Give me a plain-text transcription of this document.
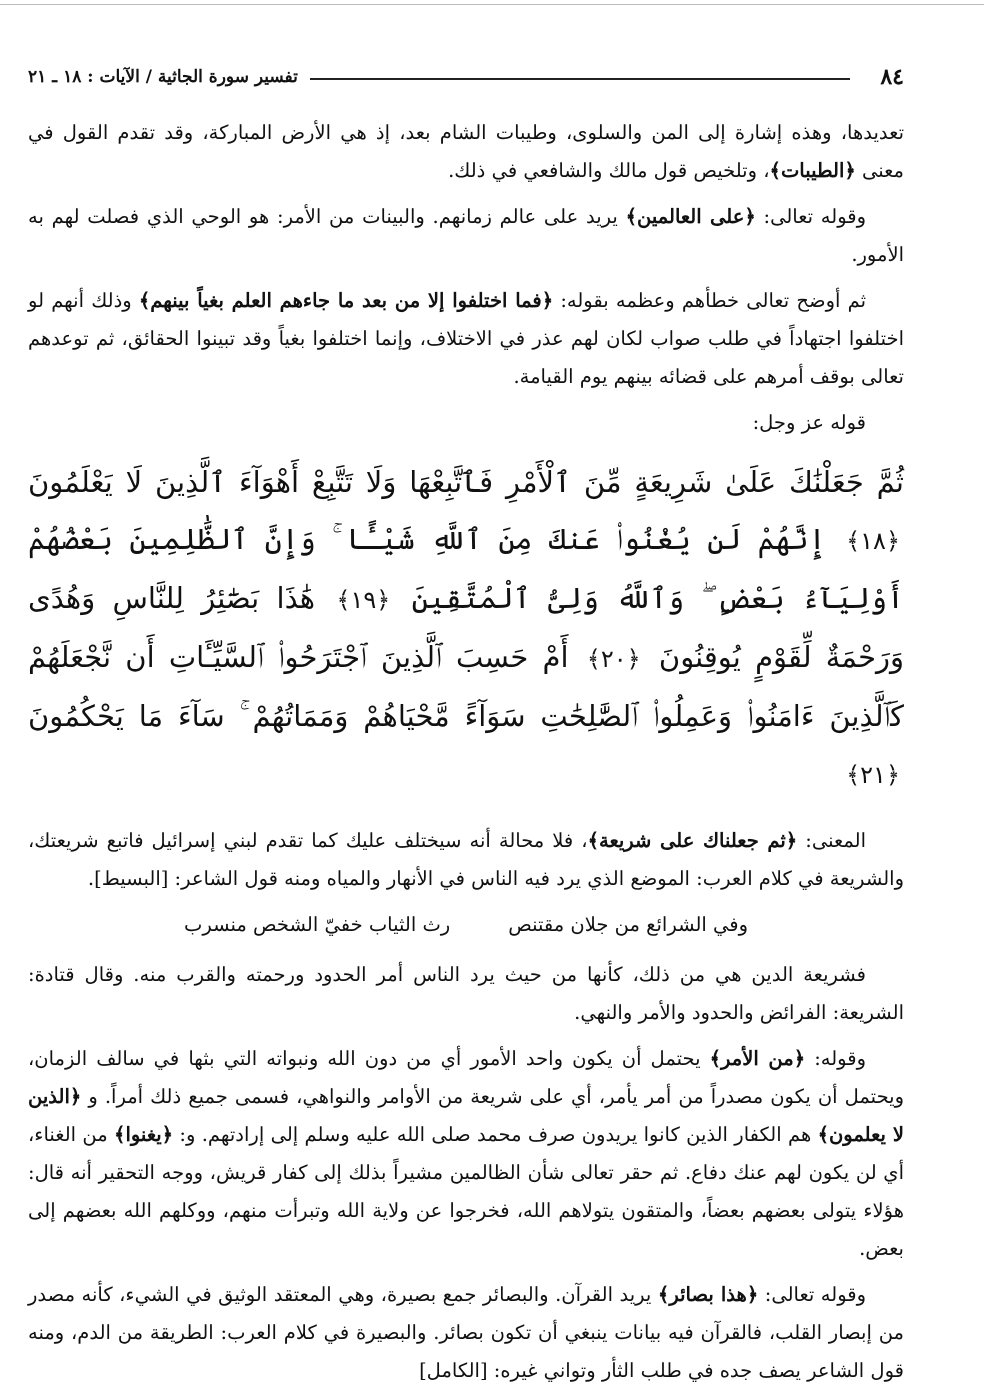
٨٤
تفسير سورة الجاثية / الآيات : ١٨ ـ ٢١

تعديدها، وهذه إشارة إلى المن والسلوى، وطيبات الشام بعد، إذ هي الأرض المباركة، وقد تقدم القول في معنى ﴿الطيبات﴾، وتلخيص قول مالك والشافعي في ذلك.

وقوله تعالى: ﴿على العالمين﴾ يريد على عالم زمانهم. والبينات من الأمر: هو الوحي الذي فصلت لهم به الأمور.

ثم أوضح تعالى خطأهم وعظمه بقوله: ﴿فما اختلفوا إلا من بعد ما جاءهم العلم بغياً بينهم﴾ وذلك أنهم لو اختلفوا اجتهاداً في طلب صواب لكان لهم عذر في الاختلاف، وإنما اختلفوا بغياً وقد تبينوا الحقائق، ثم توعدهم تعالى بوقف أمرهم على قضائه بينهم يوم القيامة.

قوله عز وجل:

ثُمَّ جَعَلْنَٰكَ عَلَىٰ شَرِيعَةٍ مِّنَ ٱلْأَمْرِ فَٱتَّبِعْهَا وَلَا تَتَّبِعْ أَهْوَآءَ ٱلَّذِينَ لَا يَعْلَمُونَ ﴿١٨﴾ إِنَّهُمْ لَن يُغْنُوا۟ عَنكَ مِنَ ٱللَّهِ شَيْـًٔا ۚ وَإِنَّ ٱلظَّٰلِمِينَ بَعْضُهُمْ أَوْلِيَآءُ بَعْضٍ ۖ وَٱللَّهُ وَلِىُّ ٱلْمُتَّقِينَ ﴿١٩﴾ هَٰذَا بَصَٰٓئِرُ لِلنَّاسِ وَهُدًى وَرَحْمَةٌ لِّقَوْمٍ يُوقِنُونَ ﴿٢٠﴾ أَمْ حَسِبَ ٱلَّذِينَ ٱجْتَرَحُوا۟ ٱلسَّيِّـَٔاتِ أَن نَّجْعَلَهُمْ كَٱلَّذِينَ ءَامَنُوا۟ وَعَمِلُوا۟ ٱلصَّٰلِحَٰتِ سَوَآءً مَّحْيَاهُمْ وَمَمَاتُهُمْ ۚ سَآءَ مَا يَحْكُمُونَ ﴿٢١﴾

المعنى: ﴿ثم جعلناك على شريعة﴾، فلا محالة أنه سيختلف عليك كما تقدم لبني إسرائيل فاتبع شريعتك، والشريعة في كلام العرب: الموضع الذي يرد فيه الناس في الأنهار والمياه ومنه قول الشاعر: [البسيط].

وفي الشرائع من جلان مقتنص
رث الثياب خفيّ الشخص منسرب

فشريعة الدين هي من ذلك، كأنها من حيث يرد الناس أمر الحدود ورحمته والقرب منه. وقال قتادة: الشريعة: الفرائض والحدود والأمر والنهي.

وقوله: ﴿من الأمر﴾ يحتمل أن يكون واحد الأمور أي من دون الله ونبواته التي بثها في سالف الزمان، ويحتمل أن يكون مصدراً من أمر يأمر، أي على شريعة من الأوامر والنواهي، فسمى جميع ذلك أمراً. و ﴿الذين لا يعلمون﴾ هم الكفار الذين كانوا يريدون صرف محمد صلى الله عليه وسلم إلى إرادتهم. و: ﴿يغنوا﴾ من الغناء، أي لن يكون لهم عنك دفاع. ثم حقر تعالى شأن الظالمين مشيراً بذلك إلى كفار قريش، ووجه التحقير أنه قال: هؤلاء يتولى بعضهم بعضاً، والمتقون يتولاهم الله، فخرجوا عن ولاية الله وتبرأت منهم، ووكلهم الله بعضهم إلى بعض.

وقوله تعالى: ﴿هذا بصائر﴾ يريد القرآن. والبصائر جمع بصيرة، وهي المعتقد الوثيق في الشيء، كأنه مصدر من إبصار القلب، فالقرآن فيه بيانات ينبغي أن تكون بصائر. والبصيرة في كلام العرب: الطريقة من الدم، ومنه قول الشاعر يصف جده في طلب الثأر وتواني غيره: [الكامل]
